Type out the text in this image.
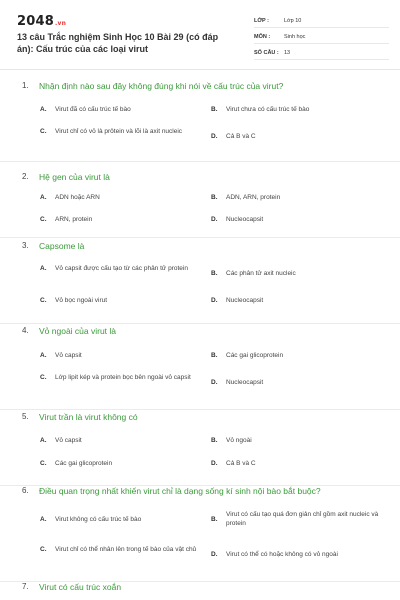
2048.vn
13 câu Trắc nghiệm Sinh Học 10 Bài 29 (có đáp án): Cấu trúc của các loại virut
LỚP :	Lớp 10
MÔN :	Sinh học
SỐ CÂU : 13
1.	Nhận định nào sau đây không đúng khi nói về cấu trúc của virut?
A.	Virut đã có cấu trúc tế bào	B.	Virut chưa có cấu trúc tế bào
C.	Virut chỉ có vỏ là prôtein và lõi là axit nucleic
D.	Cả B và C
2.	Hệ gen của virut là
A.	ADN hoặc ARN	B.	ADN, ARN, protein
C.	ARN, protein	D.	Nucleocapsit
3.	Capsome là
A.	Vỏ capsit được cấu tạo từ các phân tử protein
B.	Các phân tử axit nucleic
C.	Vỏ bọc ngoài virut	D.	Nucleocapsit
4.	Vỏ ngoài của virut là
A.	Vỏ capsit	B.	Các gai glicoprotein
C.	Lớp lipit kép và protein bọc bên ngoài vỏ capsit
D.	Nucleocapsit
5.	Virut trần là virut không có
A.	Vỏ capsit	B.	Vỏ ngoài
C.	Các gai glicoprotein	D.	Cả B và C
6.	Điều quan trọng nhất khiến virut chỉ là dạng sống kí sinh nội bào bắt buộc?
A.	Virut không có cấu trúc tế bào	B.
Virut có cấu tạo quá đơn giản chỉ gồm axit nucleic và protein
C.	Virut chỉ có thể nhân lên trong tế bào của vật chủ
D.	Virut có thể có hoặc không có vỏ ngoài
7.	Virut có cấu trúc xoắn
